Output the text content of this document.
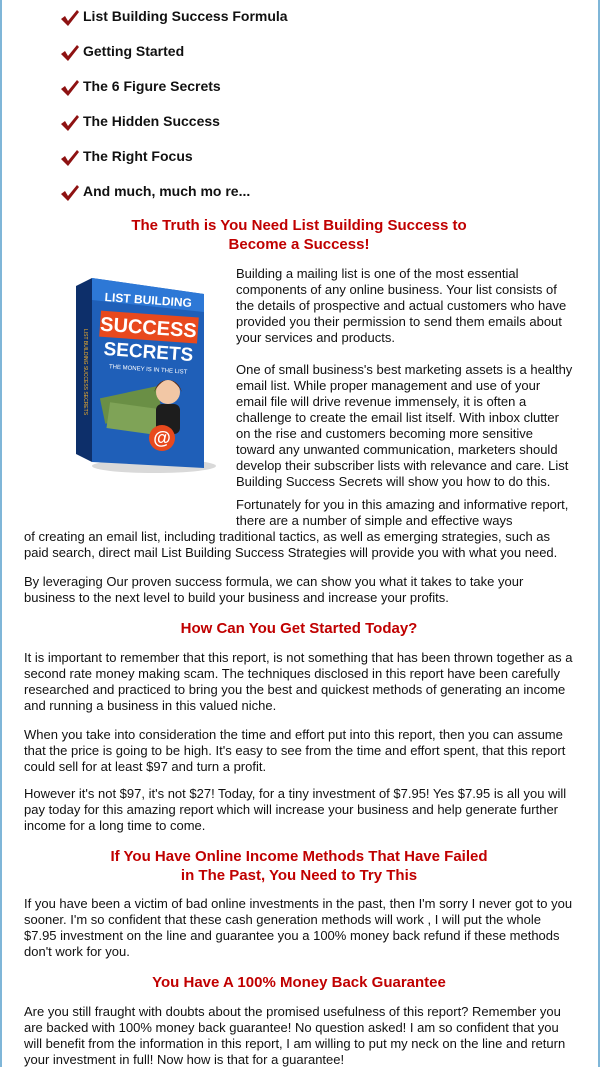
List Building Success Formula
Getting Started
The 6 Figure Secrets
The Hidden Success
The Right Focus
And much, much mo re...
The Truth is You Need List Building Success to
Become a Success!
LIST BUILDING
SUCCESS
SECRETS
THE MONEY IS IN THE LIST
@
LIST BUILDING SUCCESS SECRETS

Building a mailing list is one of the most essential components of any online business. Your list consists of the details of prospective and actual customers who have provided you their permission to send them emails about your services and products.

One of small business's best marketing assets is a healthy email list. While proper management and use of your email file will drive revenue immensely, it is often a challenge to create the email list itself. With inbox clutter on the rise and customers becoming more sensitive toward any unwanted communication, marketers should develop their subscriber lists with relevance and care. List Building Success Secrets will show you how to do this.

Fortunately for you in this amazing and informative report, there are a number of simple and effective ways

of creating an email list, including traditional tactics, as well as emerging strategies, such as paid search, direct mail List Building Success Strategies will provide you with what you need.

By leveraging Our proven success formula, we can show you what it takes to take your business to the next level to build your business and increase your profits.

How Can You Get Started Today?

It is important to remember that this report, is not something that has been thrown together as a second rate money making scam. The techniques disclosed in this report have been carefully researched and practiced to bring you the best and quickest methods of generating an income and running a business in this valued niche.

When you take into consideration the time and effort put into this report, then you can assume that the price is going to be high. It's easy to see from the time and effort spent, that this report could sell for at least $97 and turn a profit.

However it's not $97, it's not $27! Today, for a tiny investment of $7.95! Yes $7.95 is all you will pay today for this amazing report which will increase your business and help generate further income for a long time to come.

If You Have Online Income Methods That Have Failed
in The Past, You Need to Try This

If you have been a victim of bad online investments in the past, then I'm sorry I never got to you sooner. I'm so confident that these cash generation methods will work , I will put the whole $7.95 investment on the line and guarantee you a 100% money back refund if these methods don't work for you.

You Have A 100% Money Back Guarantee

Are you still fraught with doubts about the promised usefulness of this report? Remember you are backed with 100% money back guarantee! No question asked! I am so confident that you will benefit from the information in this report, I am willing to put my neck on the line and return your investment in full! Now how is that for a guarantee!
